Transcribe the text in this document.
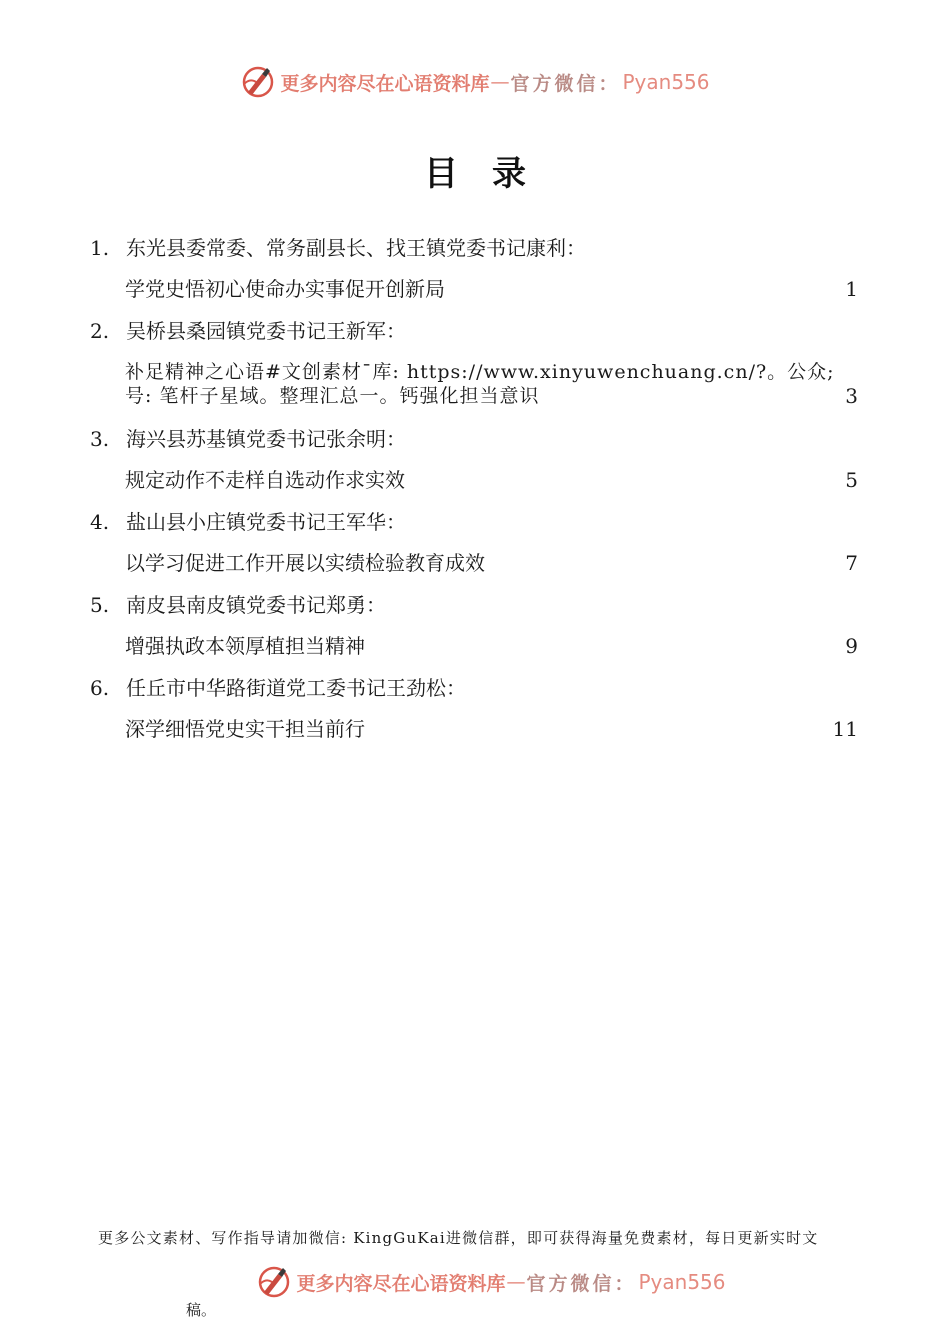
更多内容尽在心语资料库 — 官方微信： Pyan556
目录
1. 东光县委常委、常务副县长、找王镇党委书记康利：
学党史悟初心使命办实事促开创新局	1
2. 吴桥县桑园镇党委书记王新军：
补足精神之心语#文创素材¯库: https://www.xinyuwenchuang.cn/?。公众;号: 笔杆子星域。整理汇总一。钙强化担当意识	3
3. 海兴县苏基镇党委书记张余明：
规定动作不走样自选动作求实效	5
4. 盐山县小庄镇党委书记王军华：
以学习促进工作开展以实绩检验教育成效	7
5. 南皮县南皮镇党委书记郑勇：
增强执政本领厚植担当精神	9
6. 任丘市中华路街道党工委书记王劲松：
深学细悟党史实干担当前行	11
更多公文素材、写作指导请加微信: KingGuKai进微信群，即可获得海量免费素材，每日更新实时文
更多内容尽在心语资料库 — 官方微信： Pyan556
稿。
